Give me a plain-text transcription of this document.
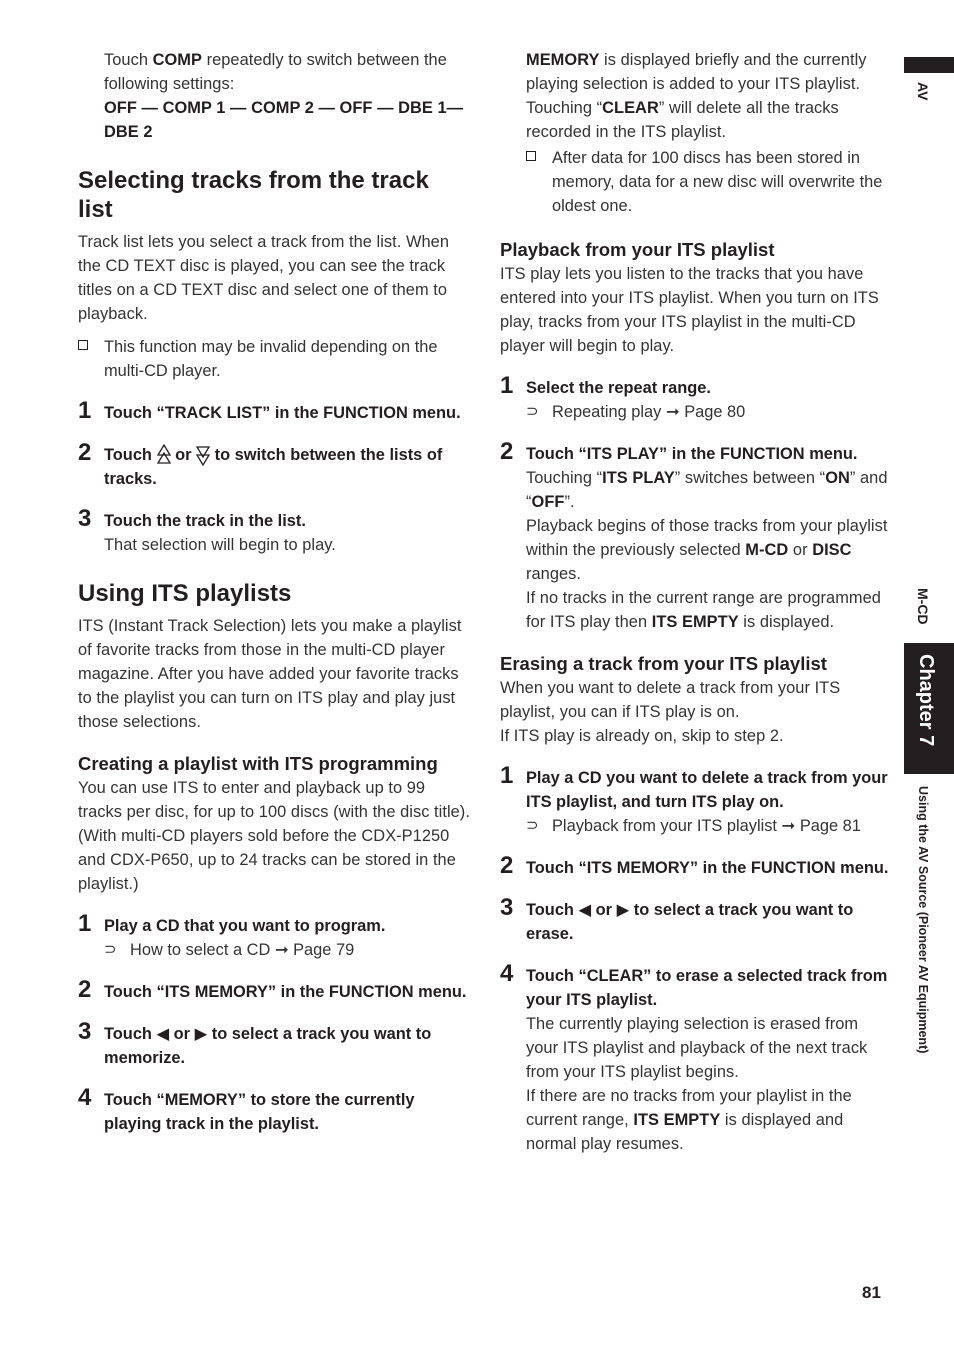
AV
M-CD
Chapter 7
Using the AV Source (Pioneer AV Equipment)
81

Touch COMP repeatedly to switch between the following settings:

OFF — COMP 1 — COMP 2 — OFF — DBE 1— DBE 2

Selecting tracks from the track list

Track list lets you select a track from the list. When the CD TEXT disc is played, you can see the track titles on a CD TEXT disc and select one of them to playback.

This function may be invalid depending on the multi-CD player.
1 Touch “TRACK LIST” in the FUNCTION menu.
2 Touch or to switch between the lists of tracks.
3 Touch the track in the list.

That selection will begin to play.

Using ITS playlists

ITS (Instant Track Selection) lets you make a playlist of favorite tracks from those in the multi-CD player magazine. After you have added your favorite tracks to the playlist you can turn on ITS play and play just those selections.

Creating a playlist with ITS programming

You can use ITS to enter and playback up to 99 tracks per disc, for up to 100 discs (with the disc title). (With multi-CD players sold before the CDX-P1250 and CDX-P650, up to 24 tracks can be stored in the playlist.)

1 Play a CD that you want to program.
⊃ How to select a CD ➞ Page 79
2 Touch “ITS MEMORY” in the FUNCTION menu.
3 Touch ◀ or ▶ to select a track you want to memorize.
4 Touch “MEMORY” to store the currently playing track in the playlist.

MEMORY is displayed briefly and the currently playing selection is added to your ITS playlist.

Touching “CLEAR” will delete all the tracks recorded in the ITS playlist.

After data for 100 discs has been stored in memory, data for a new disc will overwrite the oldest one.
Playback from your ITS playlist

ITS play lets you listen to the tracks that you have entered into your ITS playlist. When you turn on ITS play, tracks from your ITS playlist in the multi-CD player will begin to play.

1 Select the repeat range.
⊃ Repeating play ➞ Page 80
2 Touch “ITS PLAY” in the FUNCTION menu.

Touching “ITS PLAY” switches between “ON” and “OFF”.

Playback begins of those tracks from your playlist within the previously selected M-CD or DISC ranges.

If no tracks in the current range are programmed for ITS play then ITS EMPTY is displayed.

Erasing a track from your ITS playlist

When you want to delete a track from your ITS playlist, you can if ITS play is on.

If ITS play is already on, skip to step 2.

1 Play a CD you want to delete a track from your ITS playlist, and turn ITS play on.
⊃ Playback from your ITS playlist ➞ Page 81
2 Touch “ITS MEMORY” in the FUNCTION menu.
3 Touch ◀ or ▶ to select a track you want to erase.
4 Touch “CLEAR” to erase a selected track from your ITS playlist.

The currently playing selection is erased from your ITS playlist and playback of the next track from your ITS playlist begins.

If there are no tracks from your playlist in the current range, ITS EMPTY is displayed and normal play resumes.
